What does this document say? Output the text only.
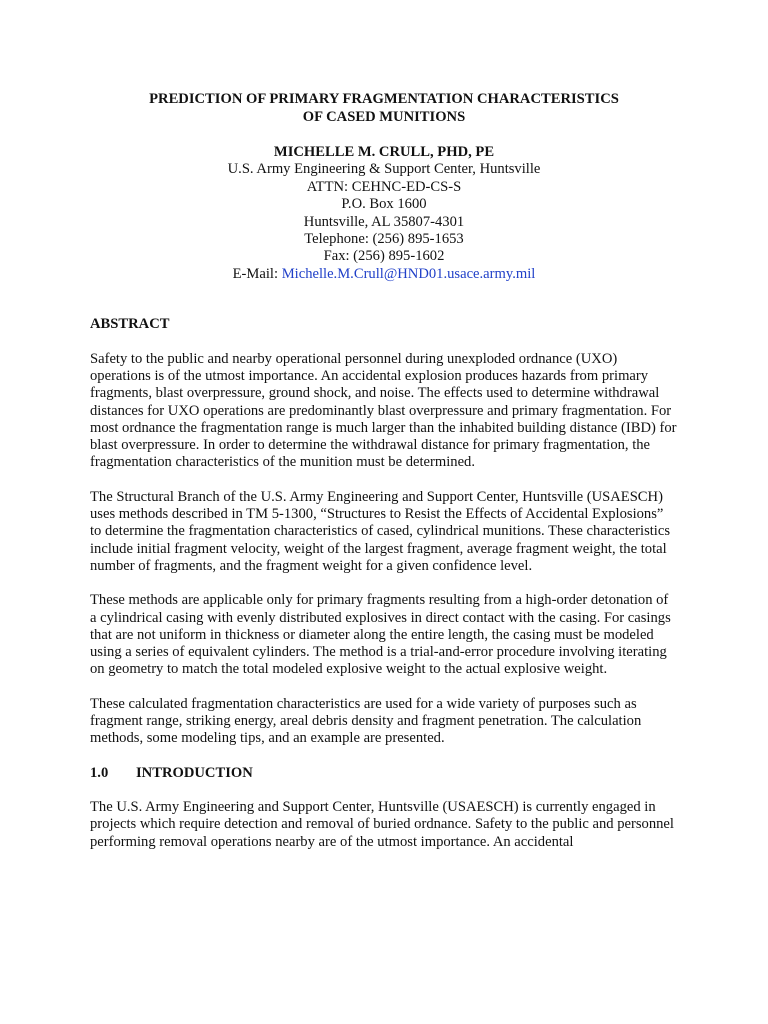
PREDICTION OF PRIMARY FRAGMENTATION CHARACTERISTICS
OF CASED MUNITIONS
MICHELLE M. CRULL, PHD, PE
U.S. Army Engineering & Support Center, Huntsville
ATTN: CEHNC-ED-CS-S
P.O. Box 1600
Huntsville, AL 35807-4301
Telephone: (256) 895-1653
Fax: (256) 895-1602
E-Mail: Michelle.M.Crull@HND01.usace.army.mil
ABSTRACT

Safety to the public and nearby operational personnel during unexploded ordnance (UXO) operations is of the utmost importance. An accidental explosion produces hazards from primary fragments, blast overpressure, ground shock, and noise. The effects used to determine withdrawal distances for UXO operations are predominantly blast overpressure and primary fragmentation. For most ordnance the fragmentation range is much larger than the inhabited building distance (IBD) for blast overpressure. In order to determine the withdrawal distance for primary fragmentation, the fragmentation characteristics of the munition must be determined.

The Structural Branch of the U.S. Army Engineering and Support Center, Huntsville (USAESCH) uses methods described in TM 5-1300, “Structures to Resist the Effects of Accidental Explosions” to determine the fragmentation characteristics of cased, cylindrical munitions. These characteristics include initial fragment velocity, weight of the largest fragment, average fragment weight, the total number of fragments, and the fragment weight for a given confidence level.

These methods are applicable only for primary fragments resulting from a high-order detonation of a cylindrical casing with evenly distributed explosives in direct contact with the casing. For casings that are not uniform in thickness or diameter along the entire length, the casing must be modeled using a series of equivalent cylinders. The method is a trial-and-error procedure involving iterating on geometry to match the total modeled explosive weight to the actual explosive weight.

These calculated fragmentation characteristics are used for a wide variety of purposes such as fragment range, striking energy, areal debris density and fragment penetration. The calculation methods, some modeling tips, and an example are presented.

1.0 INTRODUCTION

The U.S. Army Engineering and Support Center, Huntsville (USAESCH) is currently engaged in projects which require detection and removal of buried ordnance. Safety to the public and personnel performing removal operations nearby are of the utmost importance. An accidental
